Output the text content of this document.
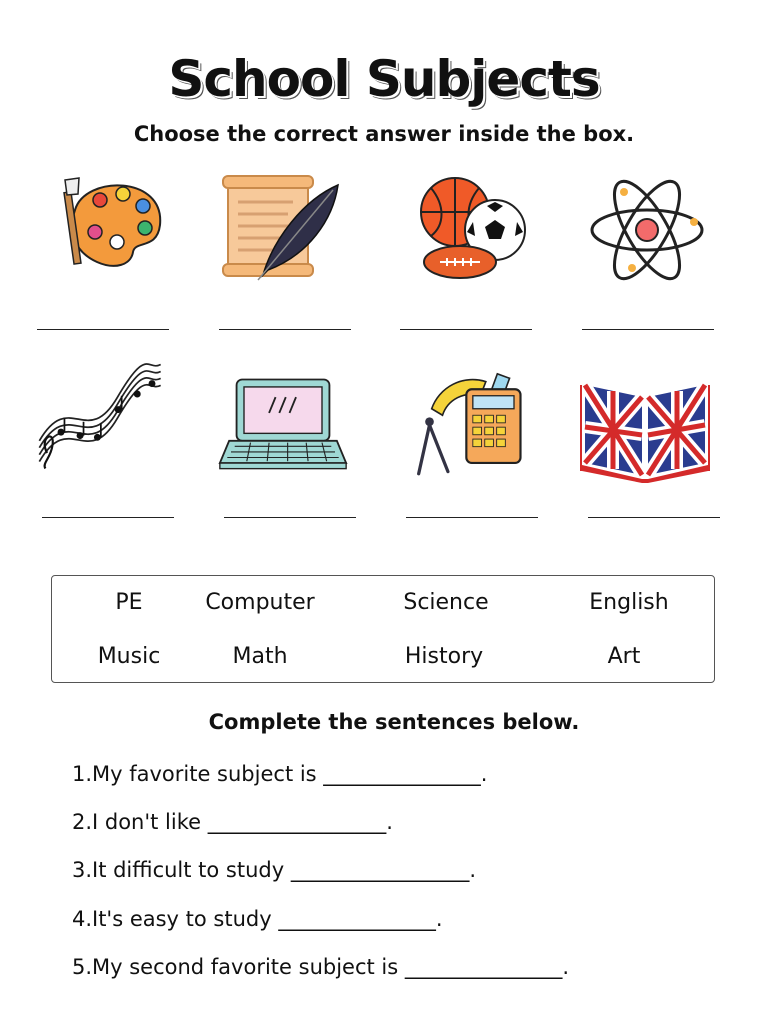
School Subjects
Choose the correct answer inside the box.
PE	Computer	Science	English
Music	Math	History	Art
Complete the sentences below.
1.My favorite subject is _______________.
2.I don't like _________________.
3.It difficult to study _________________.
4.It's easy to study _______________.
5.My second favorite subject is _______________.
